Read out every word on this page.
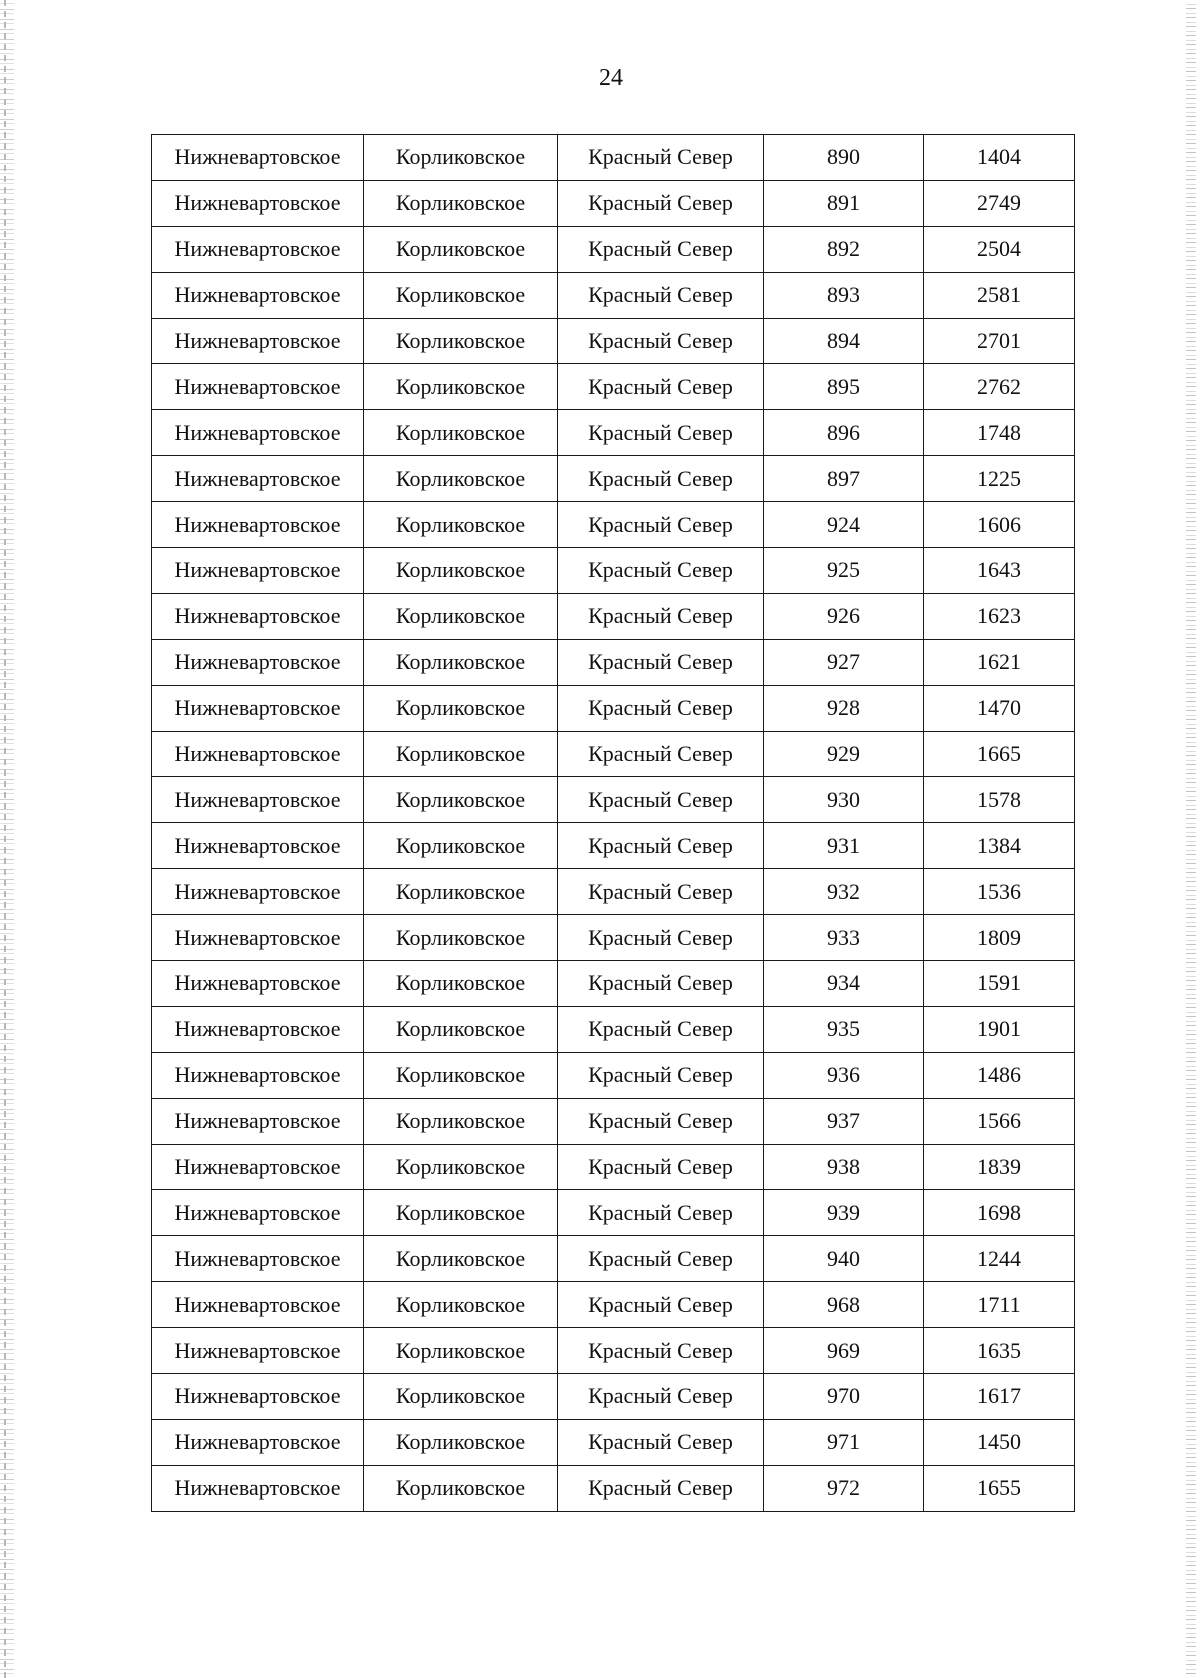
24
Нижневартовское	Корликовское	Красный Север	890	1404
Нижневартовское	Корликовское	Красный Север	891	2749
Нижневартовское	Корликовское	Красный Север	892	2504
Нижневартовское	Корликовское	Красный Север	893	2581
Нижневартовское	Корликовское	Красный Север	894	2701
Нижневартовское	Корликовское	Красный Север	895	2762
Нижневартовское	Корликовское	Красный Север	896	1748
Нижневартовское	Корликовское	Красный Север	897	1225
Нижневартовское	Корликовское	Красный Север	924	1606
Нижневартовское	Корликовское	Красный Север	925	1643
Нижневартовское	Корликовское	Красный Север	926	1623
Нижневартовское	Корликовское	Красный Север	927	1621
Нижневартовское	Корликовское	Красный Север	928	1470
Нижневартовское	Корликовское	Красный Север	929	1665
Нижневартовское	Корликовское	Красный Север	930	1578
Нижневартовское	Корликовское	Красный Север	931	1384
Нижневартовское	Корликовское	Красный Север	932	1536
Нижневартовское	Корликовское	Красный Север	933	1809
Нижневартовское	Корликовское	Красный Север	934	1591
Нижневартовское	Корликовское	Красный Север	935	1901
Нижневартовское	Корликовское	Красный Север	936	1486
Нижневартовское	Корликовское	Красный Север	937	1566
Нижневартовское	Корликовское	Красный Север	938	1839
Нижневартовское	Корликовское	Красный Север	939	1698
Нижневартовское	Корликовское	Красный Север	940	1244
Нижневартовское	Корликовское	Красный Север	968	1711
Нижневартовское	Корликовское	Красный Север	969	1635
Нижневартовское	Корликовское	Красный Север	970	1617
Нижневартовское	Корликовское	Красный Север	971	1450
Нижневартовское	Корликовское	Красный Север	972	1655
